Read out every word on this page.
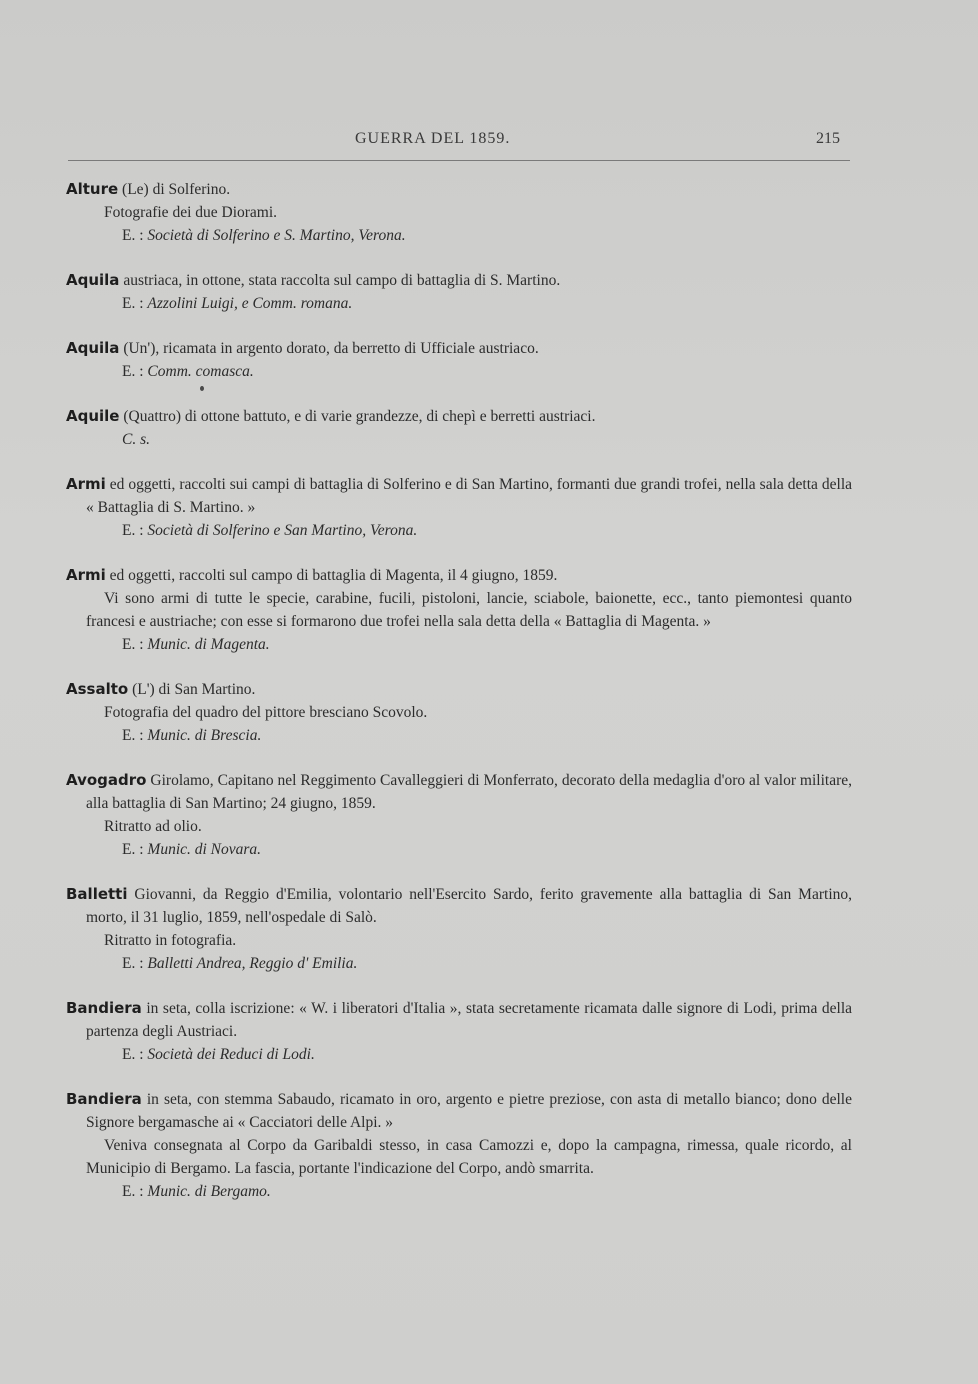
GUERRA DEL 1859.	215

Alture (Le) di Solferino.

Fotografie dei due Diorami.

E. : Società di Solferino e S. Martino, Verona.

Aquila austriaca, in ottone, stata raccolta sul campo di battaglia di S. Martino.

E. : Azzolini Luigi, e Comm. romana.

Aquila (Un'), ricamata in argento dorato, da berretto di Ufficiale austriaco.

E. : Comm. comasca.

Aquile (Quattro) di ottone battuto, e di varie grandezze, di chepì e berretti austriaci.

C. s.

Armi ed oggetti, raccolti sui campi di battaglia di Solferino e di San Martino, formanti due grandi trofei, nella sala detta della « Battaglia di S. Martino. »

E. : Società di Solferino e San Martino, Verona.

Armi ed oggetti, raccolti sul campo di battaglia di Magenta, il 4 giugno, 1859.

Vi sono armi di tutte le specie, carabine, fucili, pistoloni, lancie, sciabole, baionette, ecc., tanto piemontesi quanto francesi e austriache; con esse si formarono due trofei nella sala detta della « Battaglia di Magenta. »

E. : Munic. di Magenta.

Assalto (L') di San Martino.

Fotografia del quadro del pittore bresciano Scovolo.

E. : Munic. di Brescia.

Avogadro Girolamo, Capitano nel Reggimento Cavalleggieri di Monferrato, decorato della medaglia d'oro al valor militare, alla battaglia di San Martino; 24 giugno, 1859.

Ritratto ad olio.

E. : Munic. di Novara.

Balletti Giovanni, da Reggio d'Emilia, volontario nell'Esercito Sardo, ferito gravemente alla battaglia di San Martino, morto, il 31 luglio, 1859, nell'ospedale di Salò.

Ritratto in fotografia.

E. : Balletti Andrea, Reggio d' Emilia.

Bandiera in seta, colla iscrizione: « W. i liberatori d'Italia », stata secretamente ricamata dalle signore di Lodi, prima della partenza degli Austriaci.

E. : Società dei Reduci di Lodi.

Bandiera in seta, con stemma Sabaudo, ricamato in oro, argento e pietre preziose, con asta di metallo bianco; dono delle Signore bergamasche ai « Cacciatori delle Alpi. »

Veniva consegnata al Corpo da Garibaldi stesso, in casa Camozzi e, dopo la campagna, rimessa, quale ricordo, al Municipio di Bergamo. La fascia, portante l'indicazione del Corpo, andò smarrita.

E. : Munic. di Bergamo.
